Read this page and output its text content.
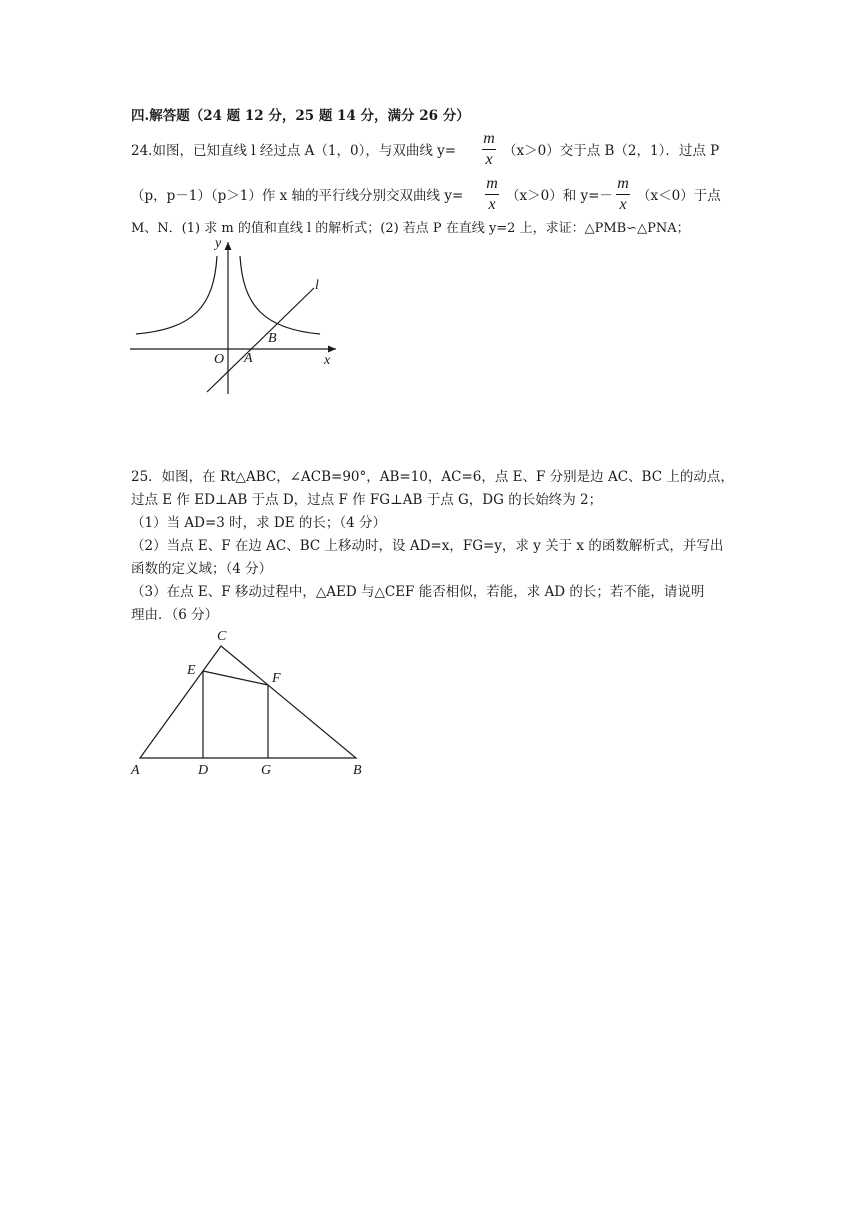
四.解答题（24 题 12 分，25 题 14 分，满分 26 分）
24.如图，已知直线 l 经过点 A（1，0），与双曲线 y=
m
x （x＞0）交于点 B（2，1）．过点 P
（p，p－1）（p＞1）作 x 轴的平行线分别交双曲线 y=
m
x （x＞0）和 y=－
m
x （x＜0）于点
M、N．(1) 求 m 的值和直线 l 的解析式；(2) 若点 P 在直线 y=2 上，求证：△PMB∽△PNA；
y
x
O A
B
l
25．如图，在 Rt△ABC，∠ACB=90°，AB=10，AC=6，点 E、F 分别是边 AC、BC 上的动点，
过点 E 作 ED⊥AB 于点 D，过点 F 作 FG⊥AB 于点 G，DG 的长始终为 2；
（1）当 AD=3 时，求 DE 的长；（4 分）
（2）当点 E、F 在边 AC、BC 上移动时，设 AD=x，FG=y，求 y 关于 x 的函数解析式，并写出
函数的定义域；（4 分）
（3）在点 E、F 移动过程中，△AED 与△CEF 能否相似，若能，求 AD 的长；若不能，请说明
理由．（6 分）
C
E
F
A	D	G	B
